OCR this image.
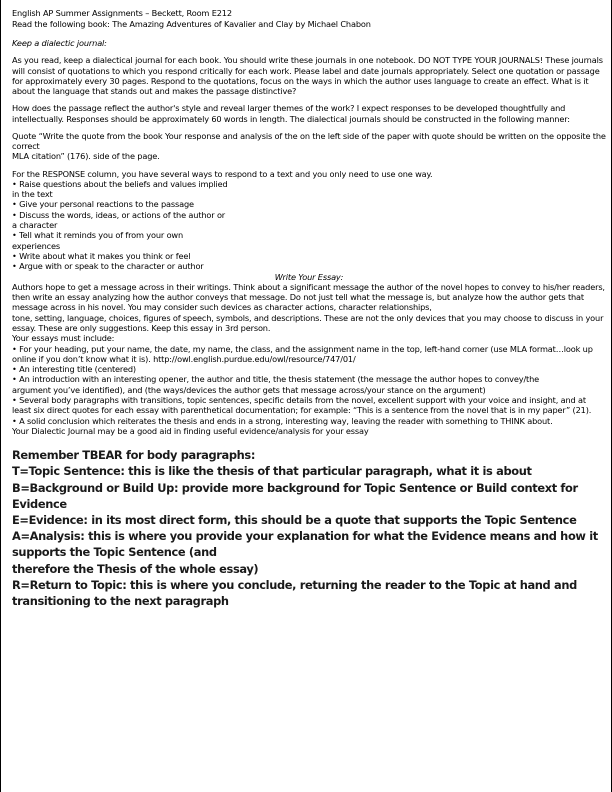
English AP Summer Assignments – Beckett, Room E212

Read the following book: The Amazing Adventures of Kavalier and Clay by Michael Chabon

Keep a dialectic journal:

As you read, keep a dialectical journal for each book. You should write these journals in one notebook. DO NOT TYPE YOUR JOURNALS! These journals will consist of quotations to which you respond critically for each work. Please label and date journals appropriately. Select one quotation or passage for approximately every 30 pages. Respond to the quotations, focus on the ways in which the author uses language to create an effect. What is it about the language that stands out and makes the passage distinctive?

How does the passage reflect the author's style and reveal larger themes of the work? I expect responses to be developed thoughtfully and intellectually. Responses should be approximately 60 words in length. The dialectical journals should be constructed in the following manner:

Quote “Write the quote from the book Your response and analysis of the on the left side of the paper with quote should be written on the opposite the correct

MLA citation” (176). side of the page.

For the RESPONSE column, you have several ways to respond to a text and you only need to use one way.

• Raise questions about the beliefs and values implied

in the text

• Give your personal reactions to the passage

• Discuss the words, ideas, or actions of the author or

a character

• Tell what it reminds you of from your own

experiences

• Write about what it makes you think or feel

• Argue with or speak to the character or author

Write Your Essay:

Authors hope to get a message across in their writings. Think about a significant message the author of the novel hopes to convey to his/her readers, then write an essay analyzing how the author conveys that message. Do not just tell what the message is, but analyze how the author gets that message across in his novel. You may consider such devices as character actions, character relationships,

tone, setting, language, choices, figures of speech, symbols, and descriptions. These are not the only devices that you may choose to discuss in your essay. These are only suggestions. Keep this essay in 3rd person.

Your essays must include:

• For your heading, put your name, the date, my name, the class, and the assignment name in the top, left-hand corner (use MLA format…look up online if you don’t know what it is). http://owl.english.purdue.edu/owl/resource/747/01/

• An interesting title (centered)

• An introduction with an interesting opener, the author and title, the thesis statement (the message the author hopes to convey/the

argument you’ve identified), and (the ways/devices the author gets that message across/your stance on the argument)

• Several body paragraphs with transitions, topic sentences, specific details from the novel, excellent support with your voice and insight, and at least six direct quotes for each essay with parenthetical documentation; for example: “This is a sentence from the novel that is in my paper” (21).

• A solid conclusion which reiterates the thesis and ends in a strong, interesting way, leaving the reader with something to THINK about.

Your Dialectic Journal may be a good aid in finding useful evidence/analysis for your essay

Remember TBEAR for body paragraphs:

T=Topic Sentence: this is like the thesis of that particular paragraph, what it is about

B=Background or Build Up: provide more background for Topic Sentence or Build context for Evidence

E=Evidence: in its most direct form, this should be a quote that supports the Topic Sentence

A=Analysis: this is where you provide your explanation for what the Evidence means and how it supports the Topic Sentence (and

therefore the Thesis of the whole essay)

R=Return to Topic: this is where you conclude, returning the reader to the Topic at hand and transitioning to the next paragraph
